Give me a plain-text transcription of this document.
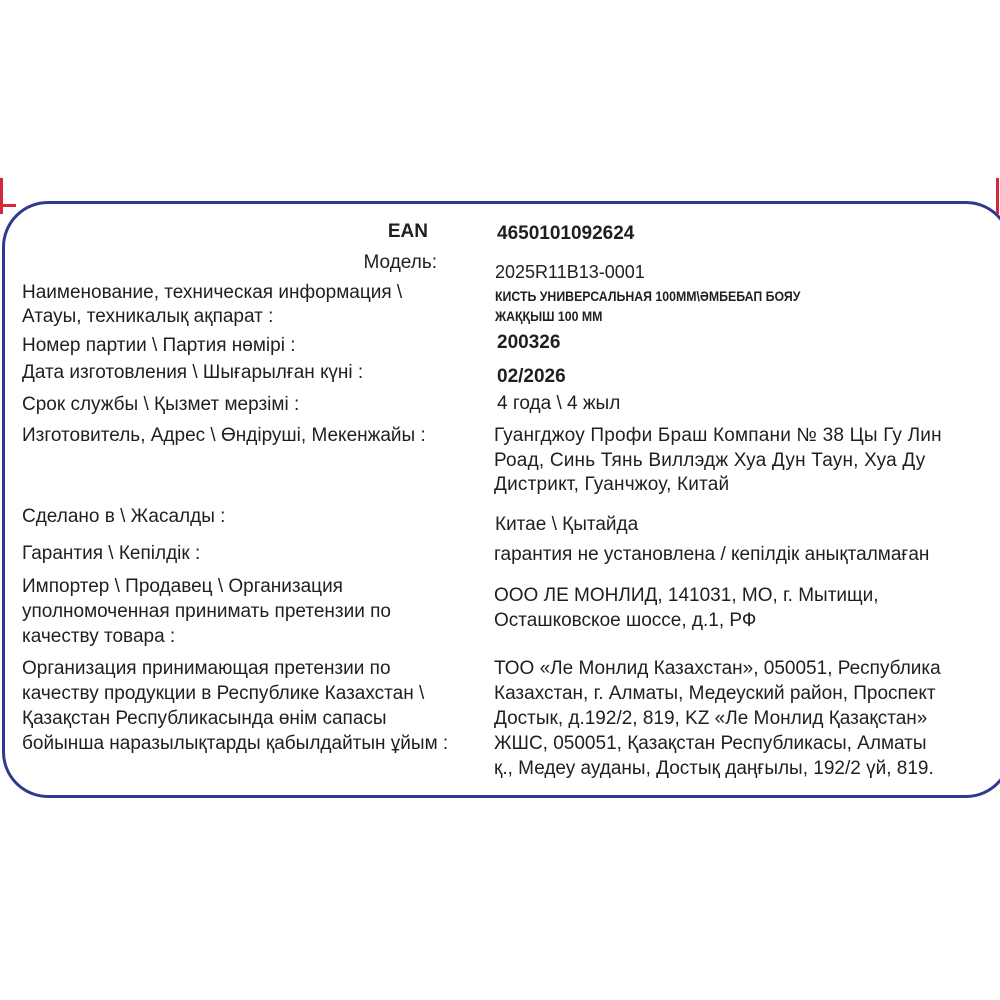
EAN	4650101092624
Модель:	2025R11B13-0001
Наименование, техническая информация \
Атауы, техникалық ақпарат :
КИСТЬ УНИВЕРСАЛЬНАЯ 100ММ\ӘМБЕБАП БОЯУ
ЖАҚҚЫШ 100 ММ
Номер партии \ Партия нөмірі :	200326
Дата изготовления \ Шығарылған күні :	02/2026
Срок службы \ Қызмет мерзімі :	4 года \ 4 жыл
Изготовитель, Адрес \ Өндіруші, Мекенжайы :	Гуангджоу Профи Браш Компани № 38 Цы Гу Лин
Роад, Синь Тянь Виллэдж Хуа Дун Таун, Хуа Ду
Дистрикт, Гуанчжоу, Китай
Сделано в \ Жасалды :	Китае \ Қытайда
Гарантия \ Кепілдік :	гарантия не установлена / кепілдік анықталмаған
Импортер \ Продавец \ Организация
уполномоченная принимать претензии по
качеству товара :
ООО ЛЕ МОНЛИД, 141031, МО, г. Мытищи,
Осташковское шоссе, д.1, РФ
Организация принимающая претензии по
качеству продукции в Республике Казахстан \
Қазақстан Республикасында өнім сапасы
бойынша наразылықтарды қабылдайтын ұйым :
ТОО «Ле Монлид Казахстан», 050051, Республика
Казахстан, г. Алматы, Медеуский район, Проспект
Достык, д.192/2, 819, KZ «Ле Монлид Қазақстан»
ЖШС, 050051, Қазақстан Республикасы, Алматы
қ., Медеу ауданы, Достық даңғылы, 192/2 үй, 819.
